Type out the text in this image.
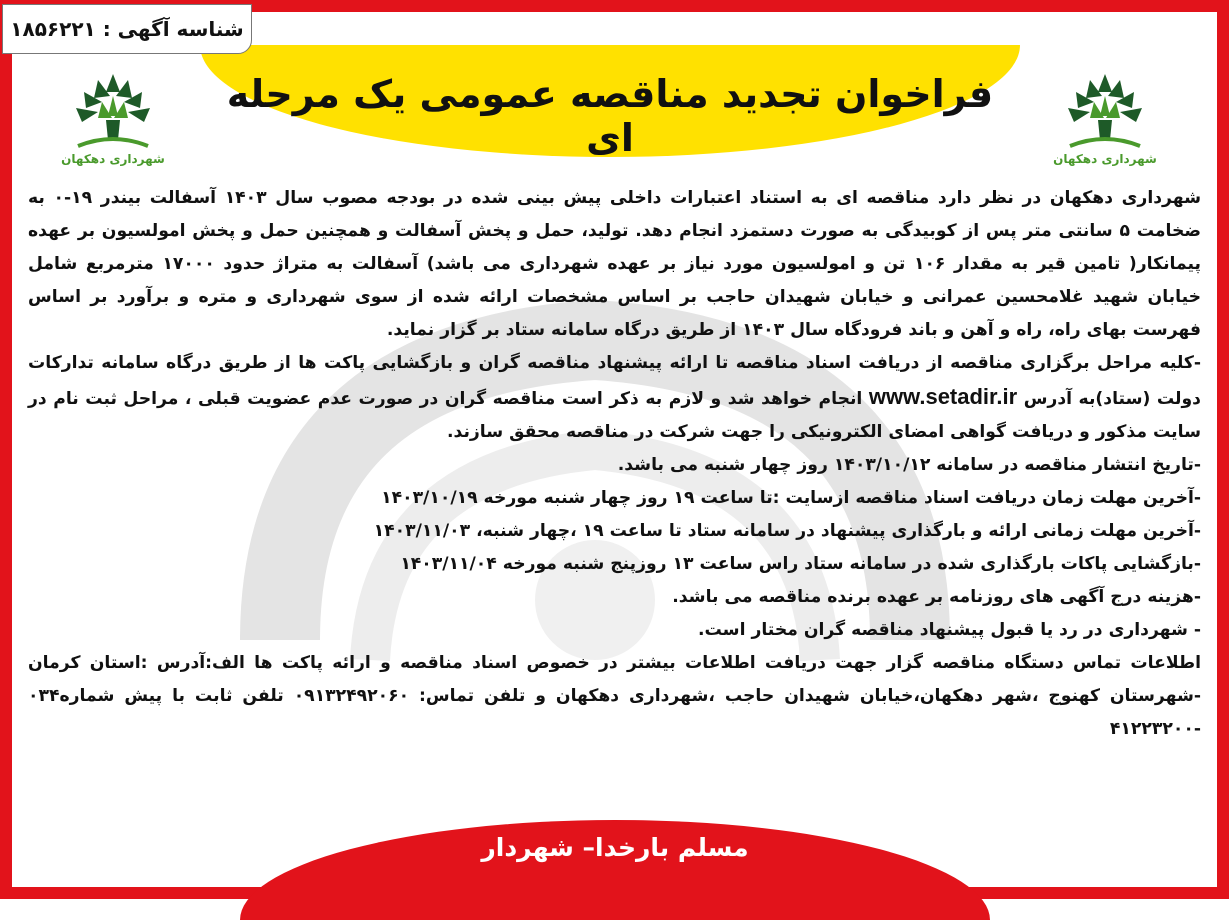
شناسه آگهی : ۱۸۵۶۲۲۱
فراخوان تجدید مناقصه عمومی یک مرحله ای
شهرداری دهکهان	شهرداری دهکهان

شهرداری دهکهان در نظر دارد مناقصه ای به استناد اعتبارات داخلی پیش بینی شده در بودجه مصوب سال ۱۴۰۳ آسفالت بیندر ۱۹-۰ به ضخامت ۵ سانتی متر پس از کوبیدگی به صورت دستمزد انجام دهد. تولید، حمل و پخش آسفالت و همچنین حمل و پخش امولسیون بر عهده پیمانکار( تامین قیر به مقدار ۱۰۶ تن و امولسیون مورد نیاز بر عهده شهرداری می باشد) آسفالت به متراژ حدود ۱۷۰۰۰ مترمربع شامل خیابان شهید غلامحسین عمرانی و خیابان شهیدان حاجب بر اساس مشخصات ارائه شده از سوی شهرداری و متره و برآورد بر اساس فهرست بهای راه، راه و آهن و باند فرودگاه سال ۱۴۰۳ از طریق درگاه سامانه ستاد بر گزار نماید.

-کلیه مراحل برگزاری مناقصه از دریافت اسناد مناقصه تا ارائه پیشنهاد مناقصه گران و بازگشایی پاکت ها از طریق درگاه سامانه تدارکات دولت (ستاد)به آدرس www.setadir.ir انجام خواهد شد و لازم به ذکر است مناقصه گران در صورت عدم عضویت قبلی ، مراحل ثبت نام در سایت مذکور و دریافت گواهی امضای الکترونیکی را جهت شرکت در مناقصه محقق سازند.

-تاریخ انتشار مناقصه در سامانه ۱۴۰۳/۱۰/۱۲ روز چهار شنبه می باشد.

-آخرین مهلت زمان دریافت اسناد مناقصه ازسایت :تا ساعت ۱۹ روز چهار شنبه مورخه ۱۴۰۳/۱۰/۱۹

-آخرین مهلت زمانی ارائه و بارگذاری پیشنهاد در سامانه ستاد تا ساعت ۱۹ ،چهار شنبه، ۱۴۰۳/۱۱/۰۳

-بازگشایی پاکات بارگذاری شده در سامانه ستاد راس ساعت ۱۳ روزپنج شنبه مورخه ۱۴۰۳/۱۱/۰۴

-هزینه درج آگهی های روزنامه بر عهده برنده مناقصه می باشد.

- شهرداری در رد یا قبول پیشنهاد مناقصه گران مختار است.

اطلاعات تماس دستگاه مناقصه گزار جهت دریافت اطلاعات بیشتر در خصوص اسناد مناقصه و ارائه پاکت ها الف:آدرس :استان کرمان -شهرستان کهنوج ،شهر دهکهان،خیابان شهیدان حاجب ،شهرداری دهکهان و تلفن تماس: ۰۹۱۳۲۴۹۲۰۶۰ تلفن ثابت با پیش شماره۰۳۴ -۴۱۲۲۳۲۰۰

مسلم بارخدا– شهردار
